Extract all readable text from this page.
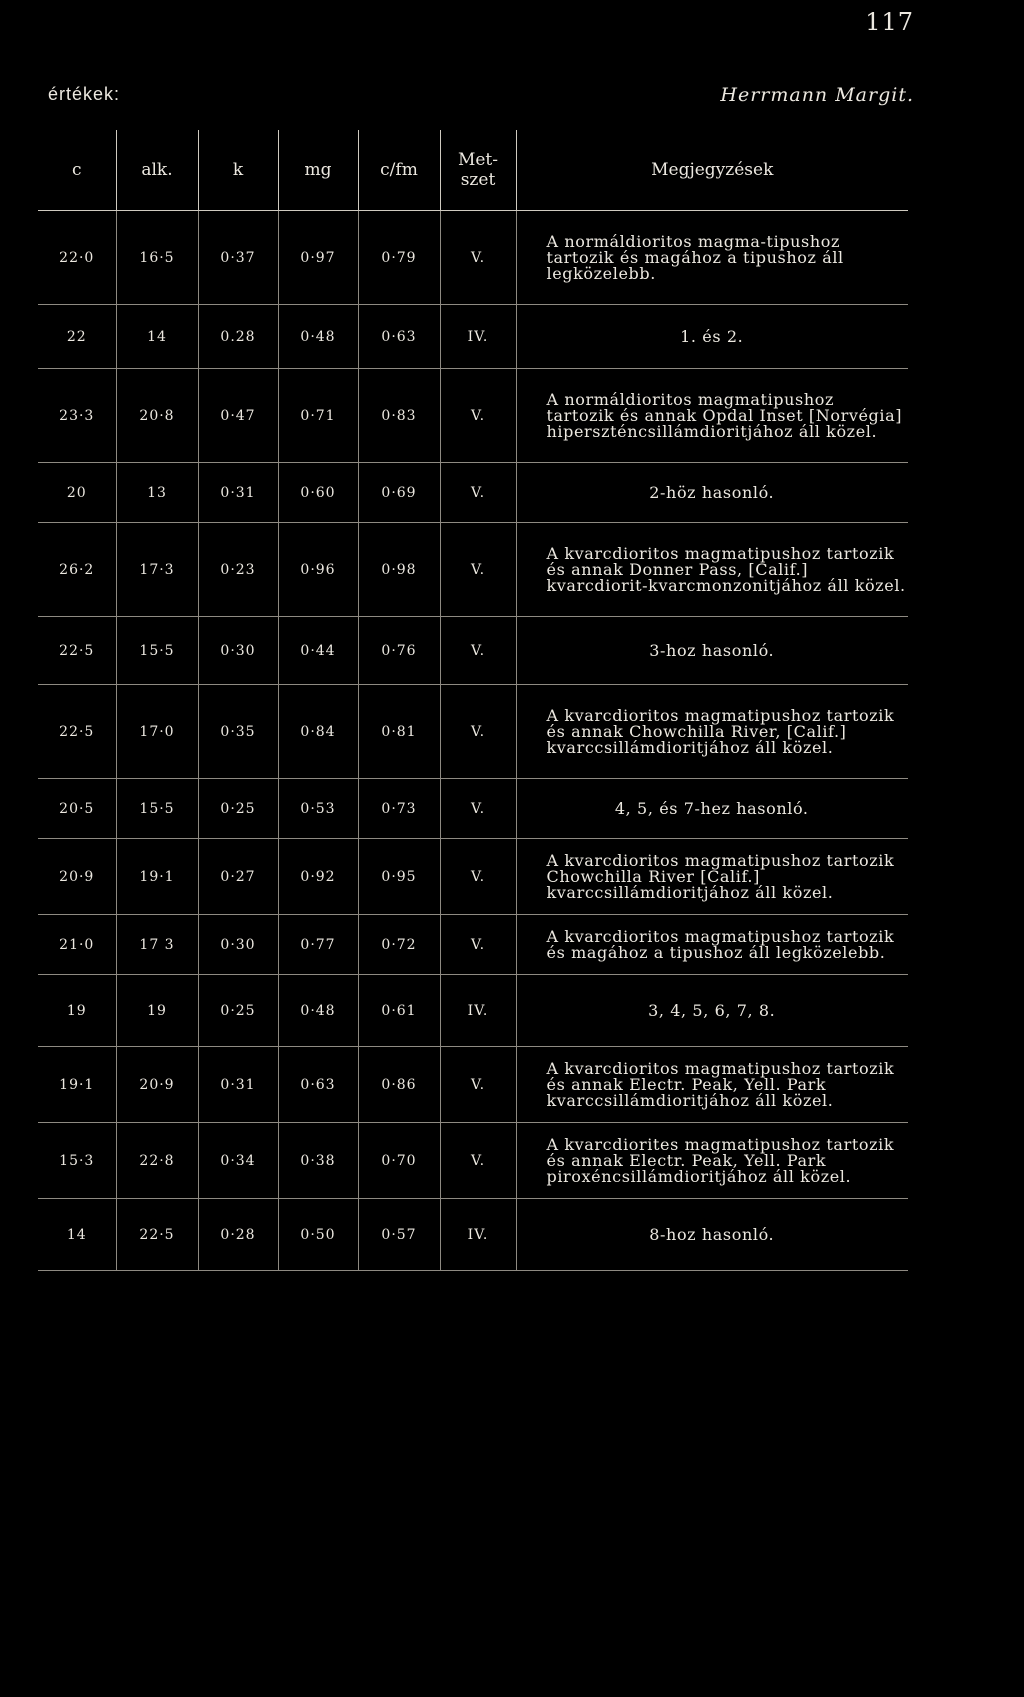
117
értékek:	Herrmann Margit.
c	alk.	k	mg	c/fm	Met-szet	Megjegyzések
22·0	16·5	0·37	0·97	0·79	V.	A normáldioritos magma-tipushoz tartozik és magához a tipushoz áll legközelebb.
22	14	0.28	0·48	0·63	IV.	1. és 2.
23·3	20·8	0·47	0·71	0·83	V.	A normáldioritos magmatipushoz tartozik és annak Opdal Inset [Norvégia] hiperszténcsillámdioritjához áll közel.
20	13	0·31	0·60	0·69	V.	2-höz hasonló.
26·2	17·3	0·23	0·96	0·98	V.	A kvarcdioritos magmatipushoz tartozik és annak Donner Pass, [Calif.] kvarcdiorit-kvarcmonzonitjához áll közel.
22·5	15·5	0·30	0·44	0·76	V.	3-hoz hasonló.
22·5	17·0	0·35	0·84	0·81	V.	A kvarcdioritos magmatipushoz tartozik és annak Chowchilla River, [Calif.] kvarccsillámdioritjához áll közel.
20·5	15·5	0·25	0·53	0·73	V.	4, 5, és 7-hez hasonló.
20·9	19·1	0·27	0·92	0·95	V.	A kvarcdioritos magmatipushoz tartozik Chowchilla River [Calif.] kvarccsillámdioritjához áll közel.
21·0	17 3	0·30	0·77	0·72	V.	A kvarcdioritos magmatipushoz tartozik és magához a tipushoz áll legközelebb.
19	19	0·25	0·48	0·61	IV.	3, 4, 5, 6, 7, 8.
19·1	20·9	0·31	0·63	0·86	V.	A kvarcdioritos magmatipushoz tartozik és annak Electr. Peak, Yell. Park kvarccsillámdioritjához áll közel.
15·3	22·8	0·34	0·38	0·70	V.	A kvarcdiorites magmatipushoz tartozik és annak Electr. Peak, Yell. Park piroxéncsillámdioritjához áll közel.
14	22·5	0·28	0·50	0·57	IV.	8-hoz hasonló.
